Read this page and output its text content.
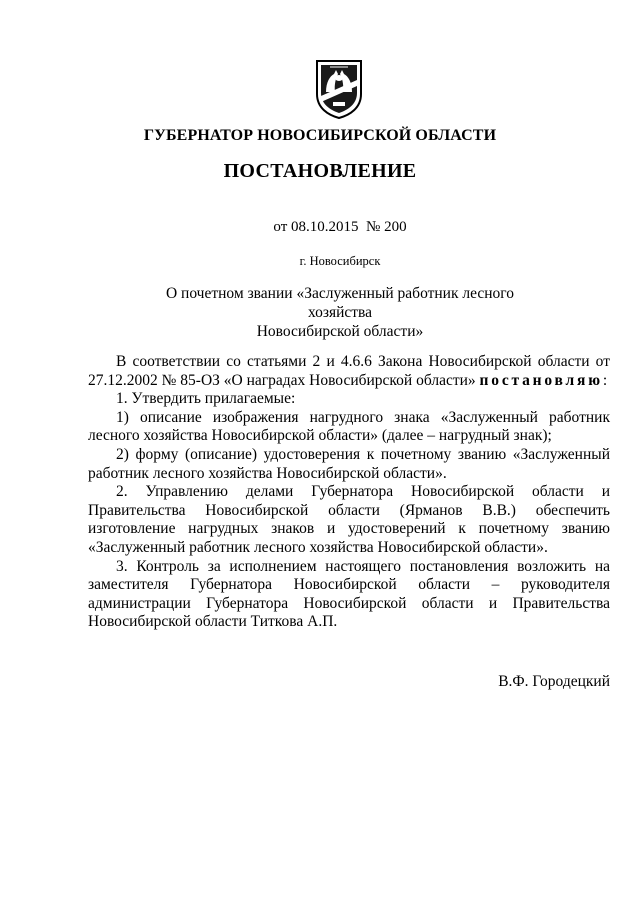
ГУБЕРНАТОР НОВОСИБИРСКОЙ ОБЛАСТИ
ПОСТАНОВЛЕНИЕ
от 08.10.2015  № 200
г. Новосибирск
О почетном звании «Заслуженный работник лесного хозяйства
Новосибирской области»

В соответствии со статьями 2 и 4.6.6 Закона Новосибирской области от 27.12.2002 № 85-ОЗ «О наградах Новосибирской области» постановляю:

1. Утвердить прилагаемые:

1) описание изображения нагрудного знака «Заслуженный работник лесного хозяйства Новосибирской области» (далее – нагрудный знак);

2) форму (описание) удостоверения к почетному званию «Заслуженный работник лесного хозяйства Новосибирской области».

2. Управлению делами Губернатора Новосибирской области и Правительства Новосибирской области (Ярманов В.В.) обеспечить изготовление нагрудных знаков и удостоверений к почетному званию «Заслуженный работник лесного хозяйства Новосибирской области».

3. Контроль за исполнением настоящего постановления возложить на заместителя Губернатора Новосибирской области – руководителя администрации Губернатора Новосибирской области и Правительства Новосибирской области Титкова А.П.

В.Ф. Городецкий
